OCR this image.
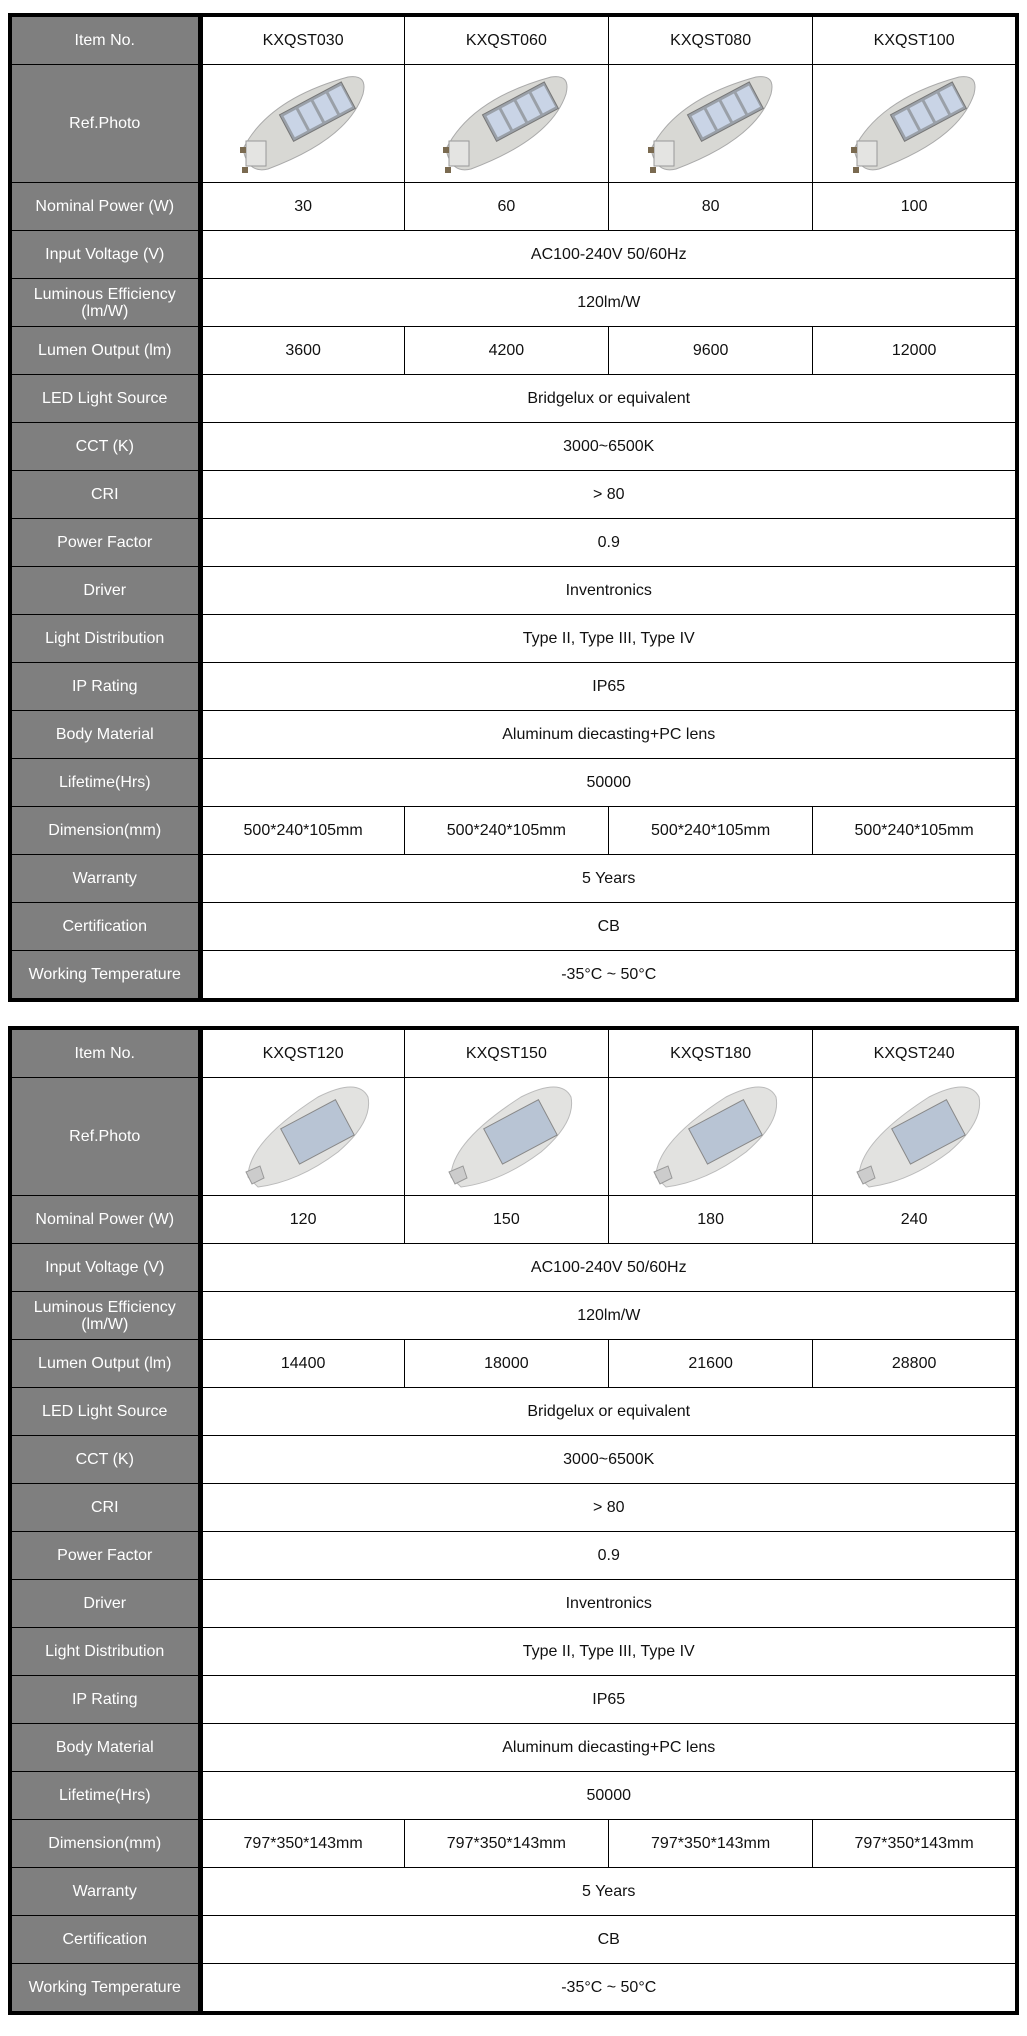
Item No.	KXQST030	KXQST060	KXQST080	KXQST100
Ref.Photo	

Nominal Power (W)	30	60	80	100
Input Voltage (V)	AC100-240V 50/60Hz			
Luminous Efficiency (lm/W)	120lm/W			
Lumen Output (lm)	3600	4200	9600	12000
LED Light Source	Bridgelux or equivalent			
CCT (K)	3000~6500K			
CRI	> 80			
Power Factor	0.9			
Driver	Inventronics			
Light Distribution	Type II, Type III, Type IV			
IP Rating	IP65			
Body Material	Aluminum diecasting+PC lens			
Lifetime(Hrs)	50000			
Dimension(mm)	500*240*105mm	500*240*105mm	500*240*105mm	500*240*105mm
Warranty	5 Years			
Certification	CB			
Working Temperature	-35°C ~ 50°C			
Item No.	KXQST120	KXQST150	KXQST180	KXQST240
Ref.Photo	

Nominal Power (W)	120	150	180	240
Input Voltage (V)	AC100-240V 50/60Hz			
Luminous Efficiency (lm/W)	120lm/W			
Lumen Output (lm)	14400	18000	21600	28800
LED Light Source	Bridgelux or equivalent			
CCT (K)	3000~6500K			
CRI	> 80			
Power Factor	0.9			
Driver	Inventronics			
Light Distribution	Type II, Type III, Type IV			
IP Rating	IP65			
Body Material	Aluminum diecasting+PC lens			
Lifetime(Hrs)	50000			
Dimension(mm)	797*350*143mm	797*350*143mm	797*350*143mm	797*350*143mm
Warranty	5 Years			
Certification	CB			
Working Temperature	-35°C ~ 50°C			
